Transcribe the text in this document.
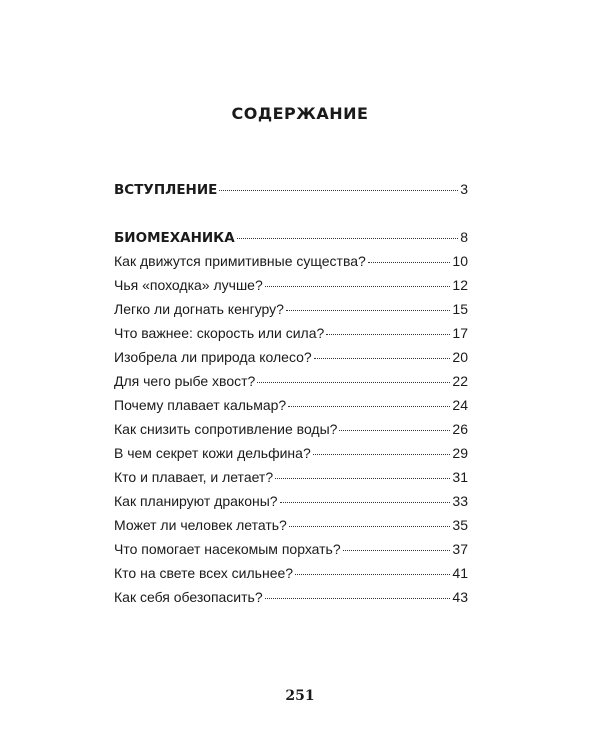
СОДЕРЖАНИЕ
ВСТУПЛЕНИЕ	3
БИОМЕХАНИКА	8
Как движутся примитивные существа?	10
Чья «походка» лучше?	12
Легко ли догнать кенгуру?	15
Что важнее: скорость или сила?	17
Изобрела ли природа колесо?	20
Для чего рыбе хвост?	22
Почему плавает кальмар?	24
Как снизить сопротивление воды?	26
В чем секрет кожи дельфина?	29
Кто и плавает, и летает?	31
Как планируют драконы?	33
Может ли человек летать?	35
Что помогает насекомым порхать?	37
Кто на свете всех сильнее?	41
Как себя обезопасить?	43
251
